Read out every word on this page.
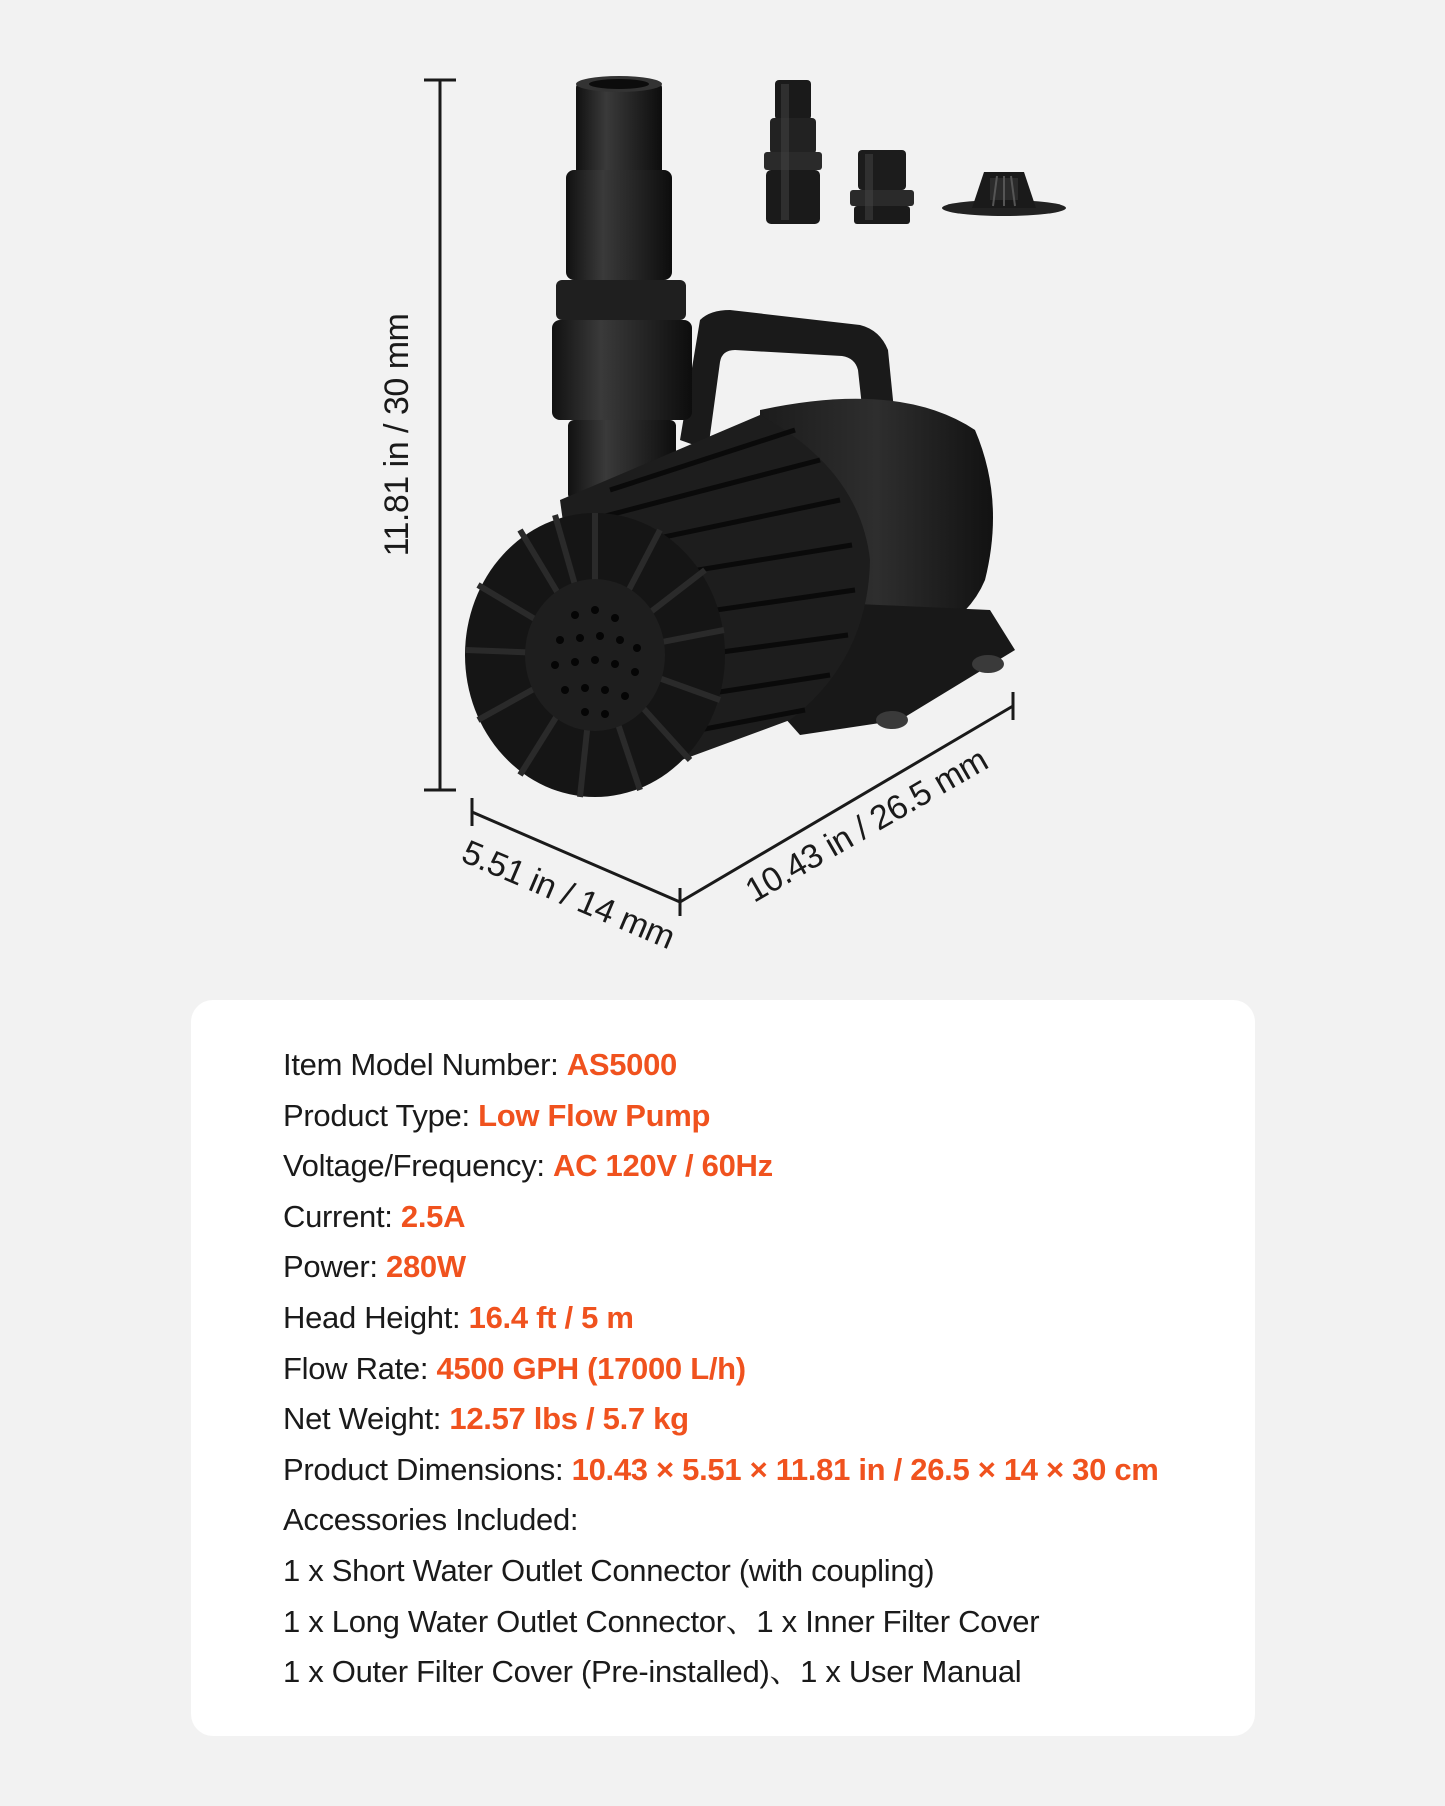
11.81 in / 30 mm
5.51 in / 14 mm 10.43 in / 26.5 mm
Item Model Number: AS5000
Product Type: Low Flow Pump
Voltage/Frequency: AC 120V / 60Hz
Current: 2.5A
Power: 280W
Head Height: 16.4 ft / 5 m
Flow Rate: 4500 GPH (17000 L/h)
Net Weight: 12.57 lbs / 5.7 kg
Product Dimensions: 10.43 × 5.51 × 11.81 in / 26.5 × 14 × 30 cm
Accessories Included:
1 x Short Water Outlet Connector (with coupling)
1 x Long Water Outlet Connector、1 x Inner Filter Cover
1 x Outer Filter Cover (Pre-installed)、1 x User Manual
